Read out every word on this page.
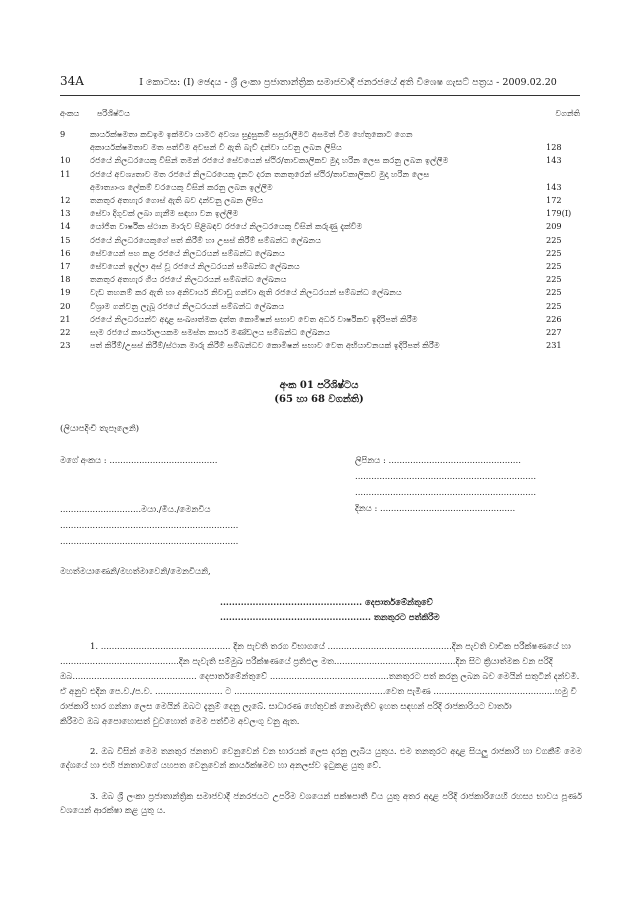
34A	I කොටස: (I) ඡෙදය - ශ්‍රී ලංකා ප්‍රජාතාන්ත්‍රික සමාජවාදී ජනරජයේ අති විශෙෂ ගැසට් පත්‍රය - 2009.02.20
අංකය පරිශිෂ්ටය	වගන්ති
9	කාර්යක්ෂමතා කඩඉම ඉක්මවා යාමට අවශ්‍ය සුදුසුකම් සපුරාලීමට අසමත් වීම හේතුකොට ගෙන
අකාර්යක්ෂමතාව මත පත්වීම අවසන් වී ඇති බැව් දන්වා යවනු ලබන ලිපිය	128
10	රජයේ නිලධරයෙකු විසින් තමන් රජයේ සේවයෙන් ස්ථිර/තාවකාලිකව මුදා හරින ලෙස කරනු ලබන ඉල්ලීම	143
11	රජයේ අවශ්‍යතාව මත රජයේ නිලධරයෙකු දැනට දරන තනතුරෙන් ස්ථිර/තාවකාලිකව මුදා හරින ලෙස
අමාත්‍යාංශ ලේකම් වරයෙකු විසින් කරනු ලබන ඉල්ලීම	143
12	තනතුර අතහැර ගොස් ඇති බව දන්වනු ලබන ලිපිය	172
13	සේවා දිගුවක් ලබා ගැනීම සඳහා වන ඉල්ලීම	179(I)
14	යෝජිත වාර්ෂික ස්ථාන මාරුව පිළිබඳව රජයේ නිලධරයෙකු විසින් කරුණු දැක්වීම	209
15	රජයේ නිලධරයෙකුගේ පත් කිරීම් හා උසස් කිරීම් සම්බන්ධ ලේඛනය	225
16	සේවයෙන් පහ කළ රජයේ නිලධරයන් සම්බන්ධ ලේඛනය	225
17	සේවයෙන් ඉල්ලා අස් වූ රජයේ නිලධරයන් සම්බන්ධ ලේඛනය	225
18	තනතුර අතහැර ගිය රජයේ නිලධරයන් සම්බන්ධ ලේඛනය	225
19	වැඩ තහනම් කර ඇති හා අනිවාර්ය නිවාඩු ගන්වා ඇති රජයේ නිලධරයන් සම්බන්ධ ලේඛනය	225
20	විශ්‍රාම ගන්වනු ලැබූ රජයේ නිලධරයන් සම්බන්ධ ලේඛනය	225
21	රජයේ නිලධරයන්ට අදාළ සංඛ්‍යාත්මක දත්ත කොමිෂන් සභාව වෙත අර්ධ වාර්ෂිකව ඉදිරිපත් කිරීම	226
22	සෑම රජයේ කාර්යාලයකම සමස්ත කාර්ය මණ්ඩලය සම්බන්ධ ලේඛනය	227
23	පත් කිරීම්/උසස් කිරීම්/ස්ථාන මාරු කිරීම් සම්බන්ධව කොමිෂන් සභාව වෙත අභියාචනයක් ඉදිරිපත් කිරීම	231
අංක 01 පරිශිෂ්ටය
(65 හා 68 වගන්ති)
(ලියාපදිංචි තැපෑලෙනි)
මගේ අංකය : ........................................	ලිපිනය : .................................................
...................................................................
...................................................................
දිනය : ..................................................
..............................මයා./මිය./මෙනවිය
..................................................................
..................................................................
මහත්මයාණෙනි/මහත්මාවෙනි/මෙනවියනි,
................................................ දෙපාර්තමේන්තුවේ
................................................... තනතුරට පත්කිරීම
1. ................................................ දින පැවති තරග විභාගයේ ..............................................දින පැවති වාචික පරීක්ෂණයේ හා
............................................දින පැවැති සම්මුඛ පරීක්ෂණයේ ප්‍රතිඵල මත.............................................දින සිට ක්‍රියාත්මක වන පරිදි
ඔබ.............................................. දෙපාර්තමේන්තුවේ ............................................තනතුරට පත් කරනු ලබන බව මෙයින් සතුටින් දන්වමි.
ඒ අනුව එදින පෙ.ව./ප.ව. ......................... ට ........................................................වෙත පැමිණ .............................................හමු වී
රාජකාරි භාර ගන්නා ලෙස මෙයින් ඔබට දැනුම් දෙනු ලැබේ. සාධාරණ හේතුවක් නොමැතිව ඉහත සඳහන් පරිදි රාජකාරියට වාර්තා
කිරීමට ඔබ අපොහොසත් වුවහොත් මෙම පත්වීම අවලංගු වනු ඇත.

2. ඔබ විසින් මෙම තනතුර ජනතාව වෙනුවෙන් වන භාරයක් ලෙස දරනු ලැබිය යුතුය. එම තනතුරට අදාළ සියලු රාජකාරි හා වගකීම් මෙම දේශයේ හා එහි ජනතාවගේ යහපත වෙනුවෙන් කාර්යක්ෂමව හා අනලස්ව ඉටුකළ යුතු වේ.

3. ඔබ ශ්‍රී ලංකා ප්‍රජාතාන්ත්‍රික සමාජවාදී ජනරජයට උපරිම වශයෙන් පක්ෂපාතී විය යුතු අතර අදාළ පරිදි රාජකාරියෙහි රහස්‍ය භාවය පූර්ණ වශයෙන් ආරක්ෂා කළ යුතු ය.
